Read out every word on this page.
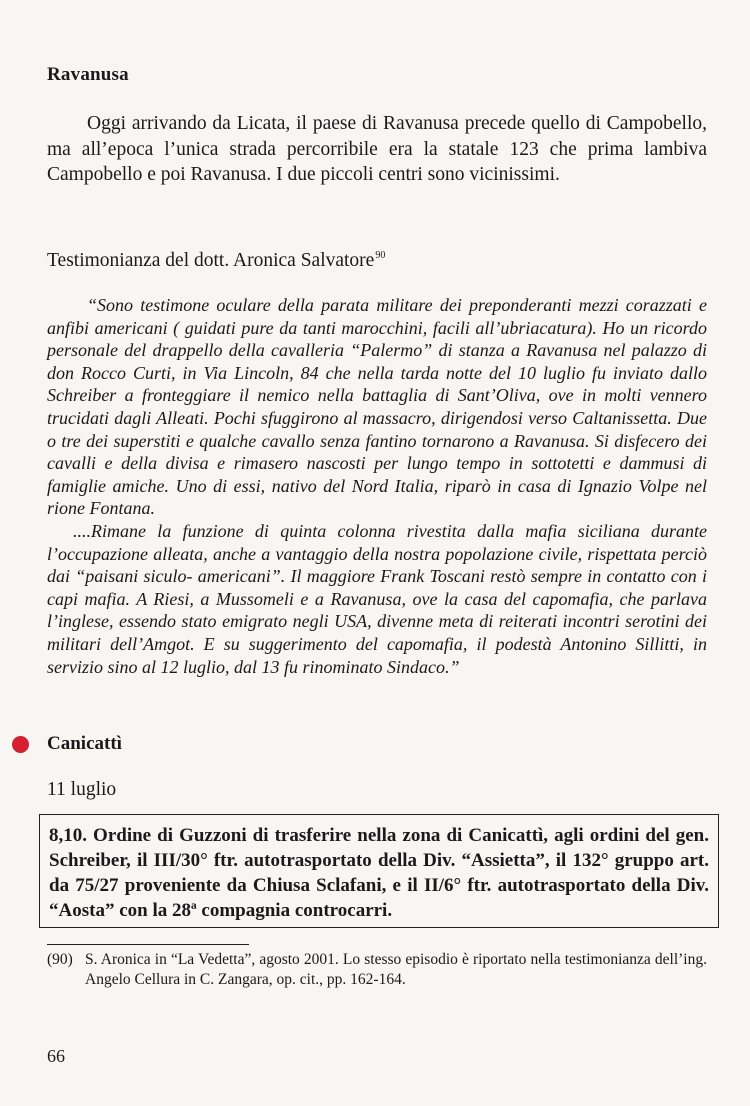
Ravanusa

Oggi arrivando da Licata, il paese di Ravanusa precede quello di Campobello, ma all’epoca l’unica strada percorribile era la statale 123 che prima lambiva Campobello e poi Ravanusa. I due piccoli centri sono vicinissimi.

Testimonianza del dott. Aronica Salvatore$^{90}$

“Sono testimone oculare della parata militare dei preponderanti mezzi corazzati e anfibi americani ( guidati pure da tanti marocchini, facili all’ubriacatura). Ho un ricordo personale del drappello della cavalleria “Palermo” di stanza a Ravanusa nel palazzo di don Rocco Curti, in Via Lincoln, 84 che nella tarda notte del 10 luglio fu inviato dallo Schreiber a fronteggiare il nemico nella battaglia di Sant’Oliva, ove in molti vennero trucidati dagli Alleati. Pochi sfuggirono al massacro, dirigendosi verso Caltanissetta. Due o tre dei superstiti e qualche cavallo senza fantino tornarono a Ravanusa. Si disfecero dei cavalli e della divisa e rimasero nascosti per lungo tempo in sottotetti e dammusi di famiglie amiche. Uno di essi, nativo del Nord Italia, riparò in casa di Ignazio Volpe nel rione Fontana.

....Rimane la funzione di quinta colonna rivestita dalla mafia siciliana durante l’occupazione alleata, anche a vantaggio della nostra popolazione civile, rispettata perciò dai “paisani siculo- americani”. Il maggiore Frank Toscani restò sempre in contatto con i capi mafia. A Riesi, a Mussomeli e a Ravanusa, ove la casa del capomafia, che parlava l’inglese, essendo stato emigrato negli USA, divenne meta di reiterati incontri serotini dei militari dell’Amgot. E su suggerimento del capomafia, il podestà Antonino Sillitti, in servizio sino al 12 luglio, dal 13 fu rinominato Sindaco.”

Canicattì

11 luglio

8,10. Ordine di Guzzoni di trasferire nella zona di Canicattì, agli ordini del gen. Schreiber, il III/30° ftr. autotrasportato della Div. “Assietta”, il 132° gruppo art. da 75/27 proveniente da Chiusa Sclafani, e il II/6° ftr. autotrasportato della Div. “Aosta” con la 28ª compagnia controcarri.

(90) S. Aronica in “La Vedetta”, agosto 2001. Lo stesso episodio è riportato nella testimonianza dell’ing. Angelo Cellura in C. Zangara, op. cit., pp. 162-164.

66
